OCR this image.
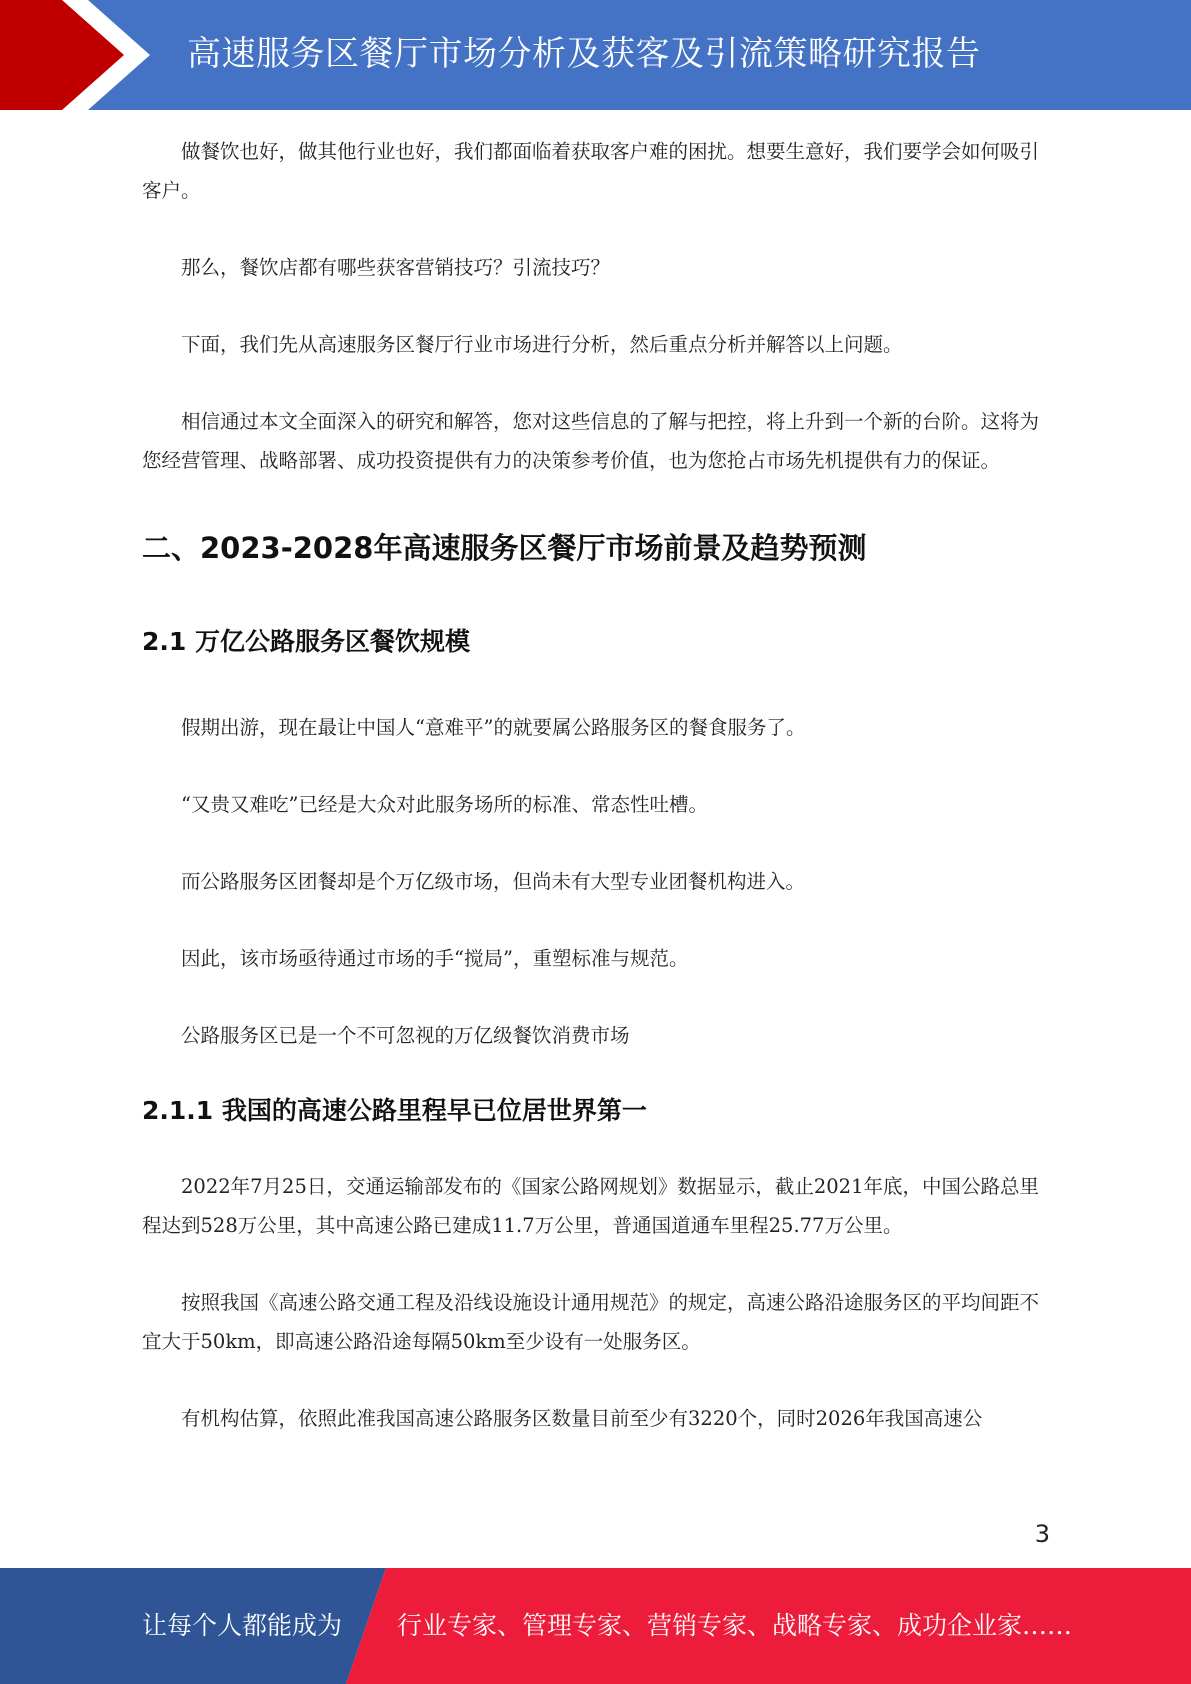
高速服务区餐厅市场分析及获客及引流策略研究报告

做餐饮也好，做其他行业也好，我们都面临着获取客户难的困扰。想要生意好，我们要学会如何吸引客户。

那么，餐饮店都有哪些获客营销技巧？引流技巧？

下面，我们先从高速服务区餐厅行业市场进行分析，然后重点分析并解答以上问题。

相信通过本文全面深入的研究和解答，您对这些信息的了解与把控，将上升到一个新的台阶。这将为您经营管理、战略部署、成功投资提供有力的决策参考价值，也为您抢占市场先机提供有力的保证。

二、2023-2028年高速服务区餐厅市场前景及趋势预测
2.1 万亿公路服务区餐饮规模

假期出游，现在最让中国人“意难平”的就要属公路服务区的餐食服务了。

“又贵又难吃”已经是大众对此服务场所的标准、常态性吐槽。

而公路服务区团餐却是个万亿级市场，但尚未有大型专业团餐机构进入。

因此，该市场亟待通过市场的手“搅局”，重塑标准与规范。

公路服务区已是一个不可忽视的万亿级餐饮消费市场

2.1.1 我国的高速公路里程早已位居世界第一

2022年7月25日，交通运输部发布的《国家公路网规划》数据显示，截止2021年底，中国公路总里程达到528万公里，其中高速公路已建成11.7万公里，普通国道通车里程25.77万公里。

按照我国《高速公路交通工程及沿线设施设计通用规范》的规定，高速公路沿途服务区的平均间距不宜大于50km，即高速公路沿途每隔50km至少设有一处服务区。

有机构估算，依照此准我国高速公路服务区数量目前至少有3220个，同时2026年我国高速公

3
让每个人都能成为 行业专家、管理专家、营销专家、战略专家、成功企业家……
